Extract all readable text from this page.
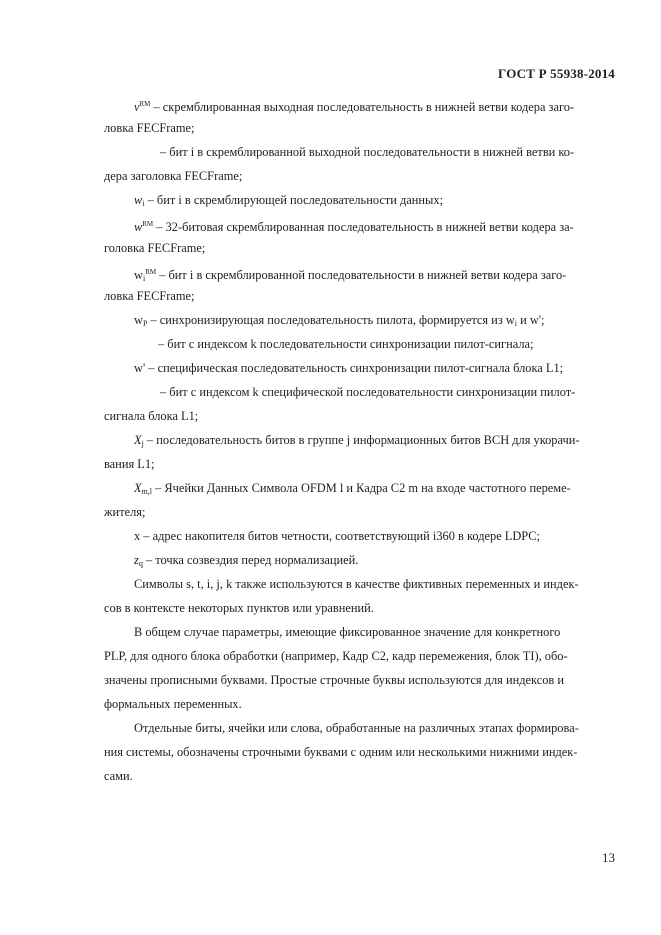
ГОСТ Р 55938-2014
$v^{RM}$ – скремблированная выходная последовательность в нижней ветви кодера заго-
ловка FECFrame;
– бит i в скремблированной выходной последовательности в нижней ветви ко-
дера заголовка FECFrame;
$w_i$ – бит i в скремблирующей последовательности данных;
$w^{RM}$ – 32-битовая скремблированная последовательность в нижней ветви кодера за-
головка FECFrame;
$w_i^{RM}$ – бит i в скремблированной последовательности в нижней ветви кодера заго-
ловка FECFrame;
$w_P$ – синхронизирующая последовательность пилота, формируется из $w_i$ и w';
– бит с индексом k последовательности синхронизации пилот-сигнала;
w' – специфическая последовательность синхронизации пилот-сигнала блока L1;
– бит с индексом k специфической последовательности синхронизации пилот-
сигнала блока L1;
$X_j$ – последовательность битов в группе j информационных битов BCH для укорачи-
вания L1;
$X_{m,l}$ – Ячейки Данных Символа OFDM l и Кадра C2 m на входе частотного переме-
жителя;
x – адрес накопителя битов четности, соответствующий i360 в кодере LDPC;
$z_q$ – точка созвездия перед нормализацией.
Символы s, t, i, j, k также используются в качестве фиктивных переменных и индек-
сов в контексте некоторых пунктов или уравнений.
В общем случае параметры, имеющие фиксированное значение для конкретного
PLP, для одного блока обработки (например, Кадр C2, кадр перемежения, блок TI), обо-
значены прописными буквами. Простые строчные буквы используются для индексов и
формальных переменных.
Отдельные биты, ячейки или слова, обработанные на различных этапах формирова-
ния системы, обозначены строчными буквами с одним или несколькими нижними индек-
сами.
13
